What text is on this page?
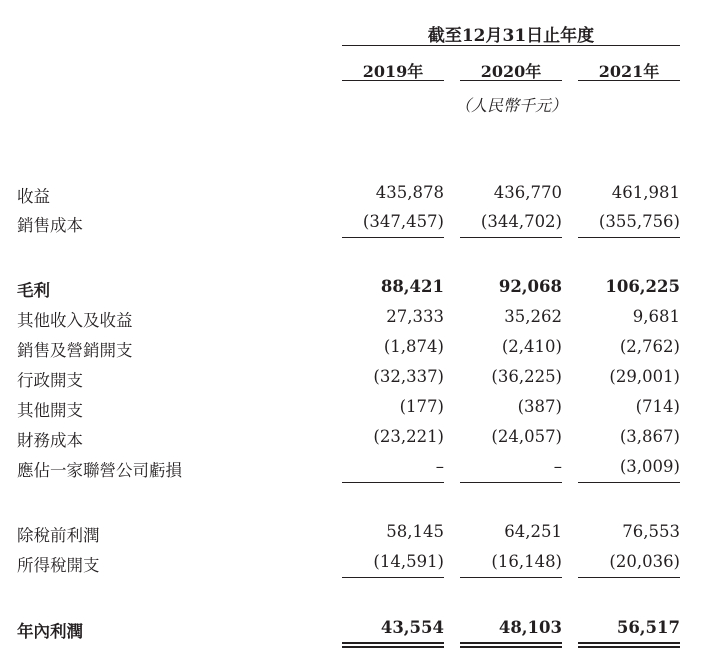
截至12月31日止年度
2019年	2020年	2021年
（人民幣千元）
收益	435,878	436,770	461,981
銷售成本	(347,457)	(344,702)	(355,756)
毛利	88,421	92,068	106,225
其他收入及收益	27,333	35,262	9,681
銷售及營銷開支	(1,874)	(2,410)	(2,762)
行政開支	(32,337)	(36,225)	(29,001)
其他開支	(177)	(387)	(714)
財務成本	(23,221)	(24,057)	(3,867)
應佔一家聯營公司虧損	–	–	(3,009)
除稅前利潤	58,145	64,251	76,553
所得稅開支	(14,591)	(16,148)	(20,036)
年內利潤	43,554	48,103	56,517
